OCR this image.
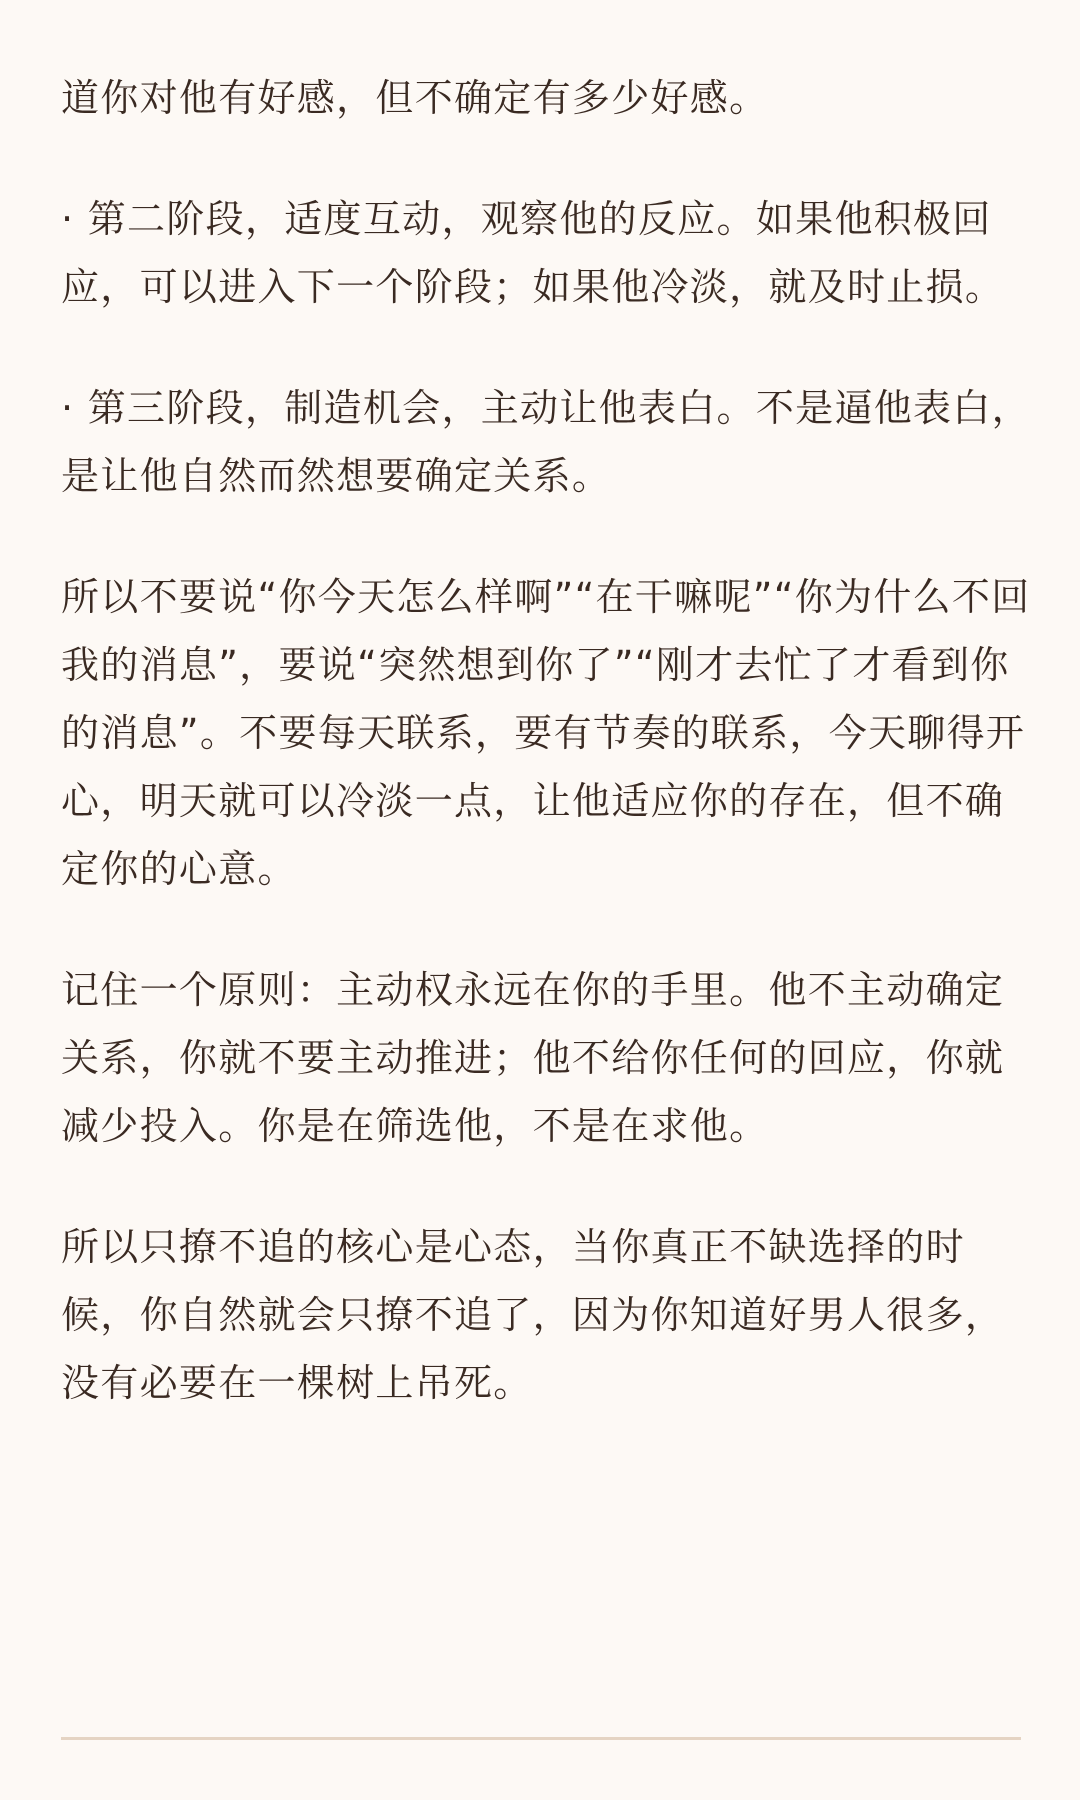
道你对他有好感，但不确定有多少好感。

· 第二阶段，适度互动，观察他的反应。如果他积极回应，可以进入下一个阶段；如果他冷淡，就及时止损。

· 第三阶段，制造机会，主动让他表白。不是逼他表白，是让他自然而然想要确定关系。

所以不要说“你今天怎么样啊”“在干嘛呢”“你为什么不回我的消息”，要说“突然想到你了”“刚才去忙了才看到你的消息”。不要每天联系，要有节奏的联系，今天聊得开心，明天就可以冷淡一点，让他适应你的存在，但不确定你的心意。

记住一个原则：主动权永远在你的手里。他不主动确定关系，你就不要主动推进；他不给你任何的回应，你就减少投入。你是在筛选他，不是在求他。

所以只撩不追的核心是心态，当你真正不缺选择的时候，你自然就会只撩不追了，因为你知道好男人很多，没有必要在一棵树上吊死。
